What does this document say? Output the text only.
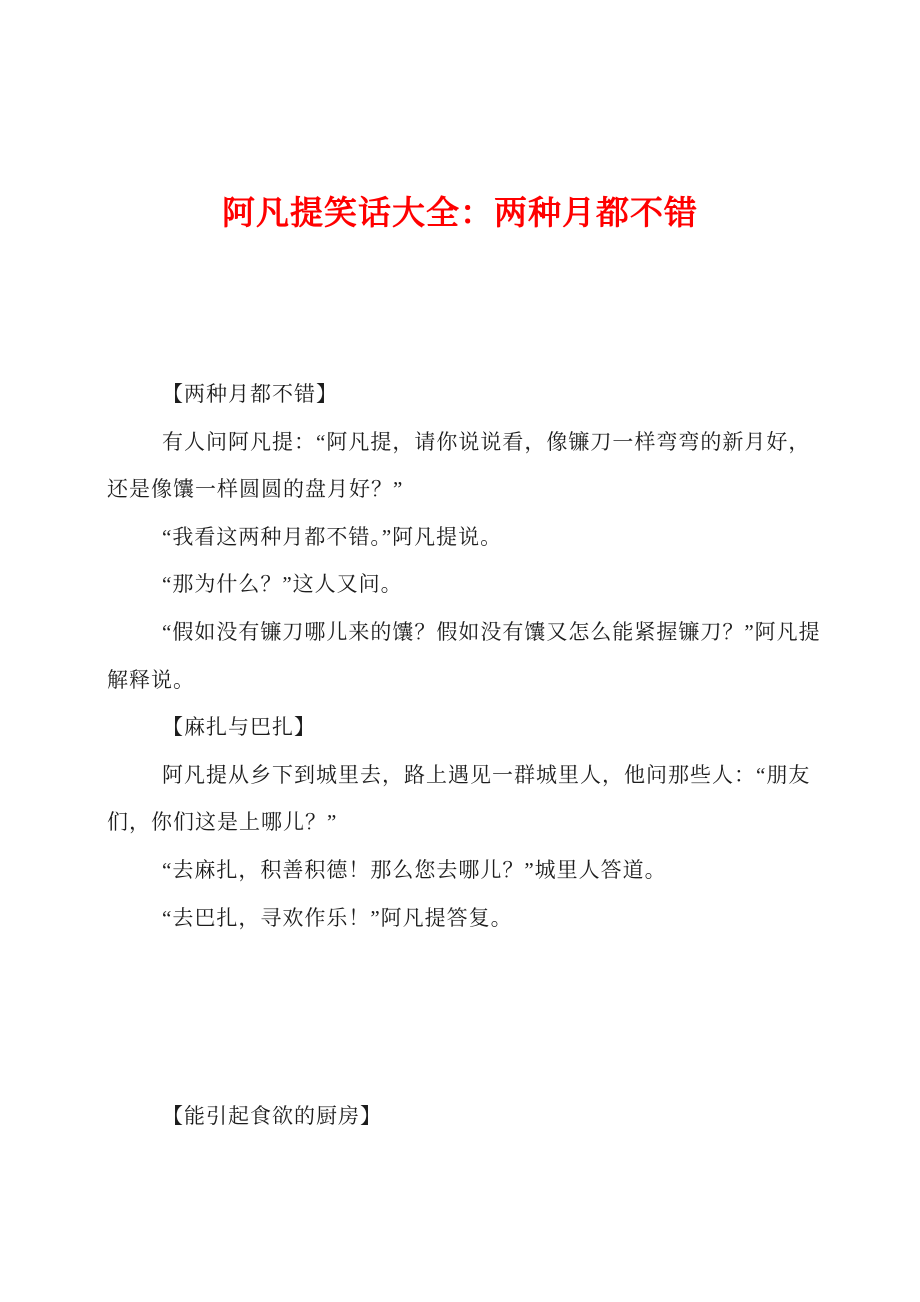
阿凡提笑话大全：两种月都不错

【两种月都不错】

有人问阿凡提：“阿凡提，请你说说看，像镰刀一样弯弯的新月好，还是像馕一样圆圆的盘月好？”

“我看这两种月都不错。”阿凡提说。

“那为什么？”这人又问。

“假如没有镰刀哪儿来的馕？假如没有馕又怎么能紧握镰刀？”阿凡提解释说。

【麻扎与巴扎】

阿凡提从乡下到城里去，路上遇见一群城里人，他问那些人：“朋友们，你们这是上哪儿？”

“去麻扎，积善积德！那么您去哪儿？”城里人答道。

“去巴扎，寻欢作乐！”阿凡提答复。

【能引起食欲的厨房】
